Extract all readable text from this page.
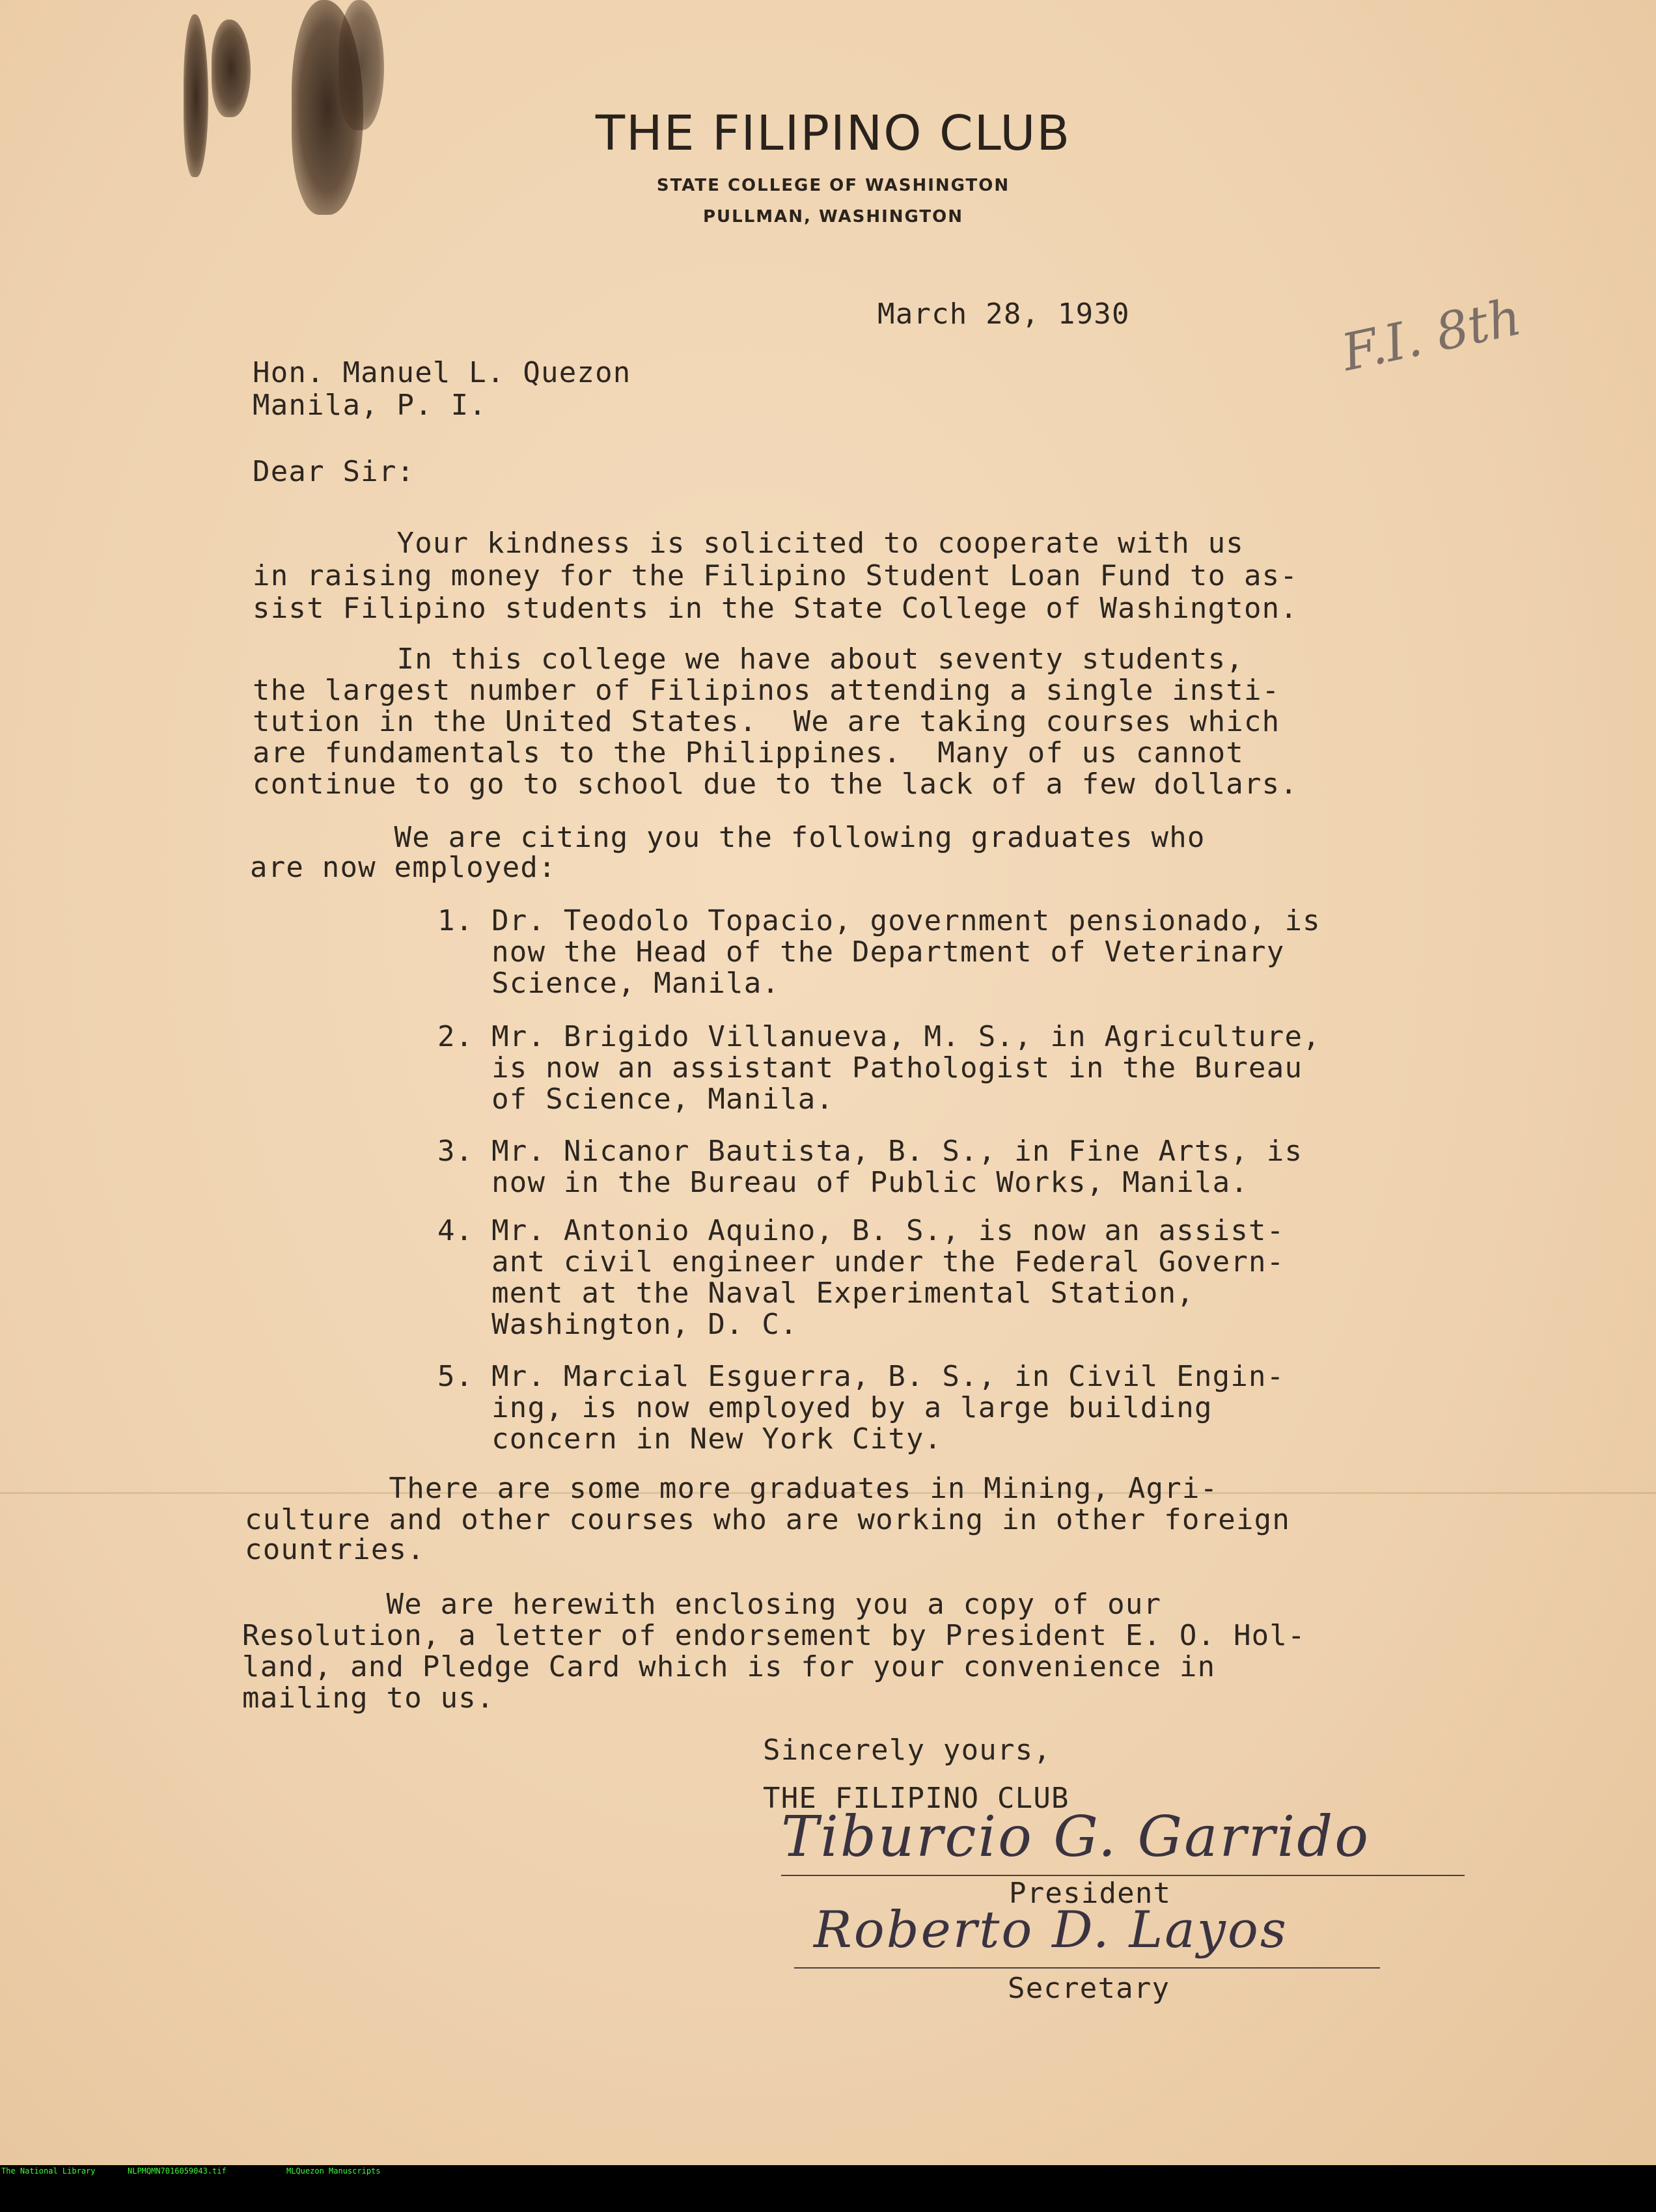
THE FILIPINO CLUB
STATE COLLEGE OF WASHINGTON
PULLMAN, WASHINGTON
F.I. 8th
March 28, 1930
Hon. Manuel L. Quezon
Manila, P. I.
Dear Sir:
Your kindness is solicited to cooperate with us
in raising money for the Filipino Student Loan Fund to as-
sist Filipino students in the State College of Washington.
In this college we have about seventy students,
the largest number of Filipinos attending a single insti-
tution in the United States.  We are taking courses which
are fundamentals to the Philippines.  Many of us cannot
continue to go to school due to the lack of a few dollars.
We are citing you the following graduates who
are now employed:
1. Dr. Teodolo Topacio, government pensionado, is
now the Head of the Department of Veterinary
Science, Manila.
2. Mr. Brigido Villanueva, M. S., in Agriculture,
is now an assistant Pathologist in the Bureau
of Science, Manila.
3. Mr. Nicanor Bautista, B. S., in Fine Arts, is
now in the Bureau of Public Works, Manila.
4. Mr. Antonio Aquino, B. S., is now an assist-
ant civil engineer under the Federal Govern-
ment at the Naval Experimental Station,
Washington, D. C.
5. Mr. Marcial Esguerra, B. S., in Civil Engin-
ing, is now employed by a large building
concern in New York City.
There are some more graduates in Mining, Agri-
culture and other courses who are working in other foreign
countries.
We are herewith enclosing you a copy of our
Resolution, a letter of endorsement by President E. O. Hol-
land, and Pledge Card which is for your convenience in
mailing to us.
Sincerely yours,
THE FILIPINO CLUB
Tiburcio G. Garrido
President
Roberto D. Layos
Secretary

The National Library

	NLPMQMN7016059043.tif

	MLQuezon Manuscripts
